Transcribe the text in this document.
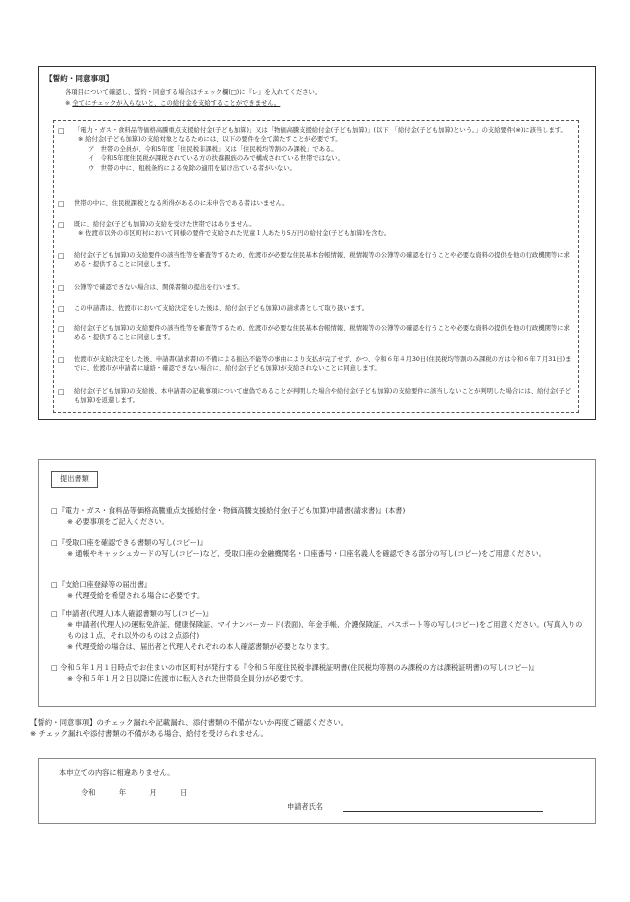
【誓約・同意事項】
各項目について確認し、誓約・同意する場合はチェック欄(□)に『レ』を入れてください。
※ 全てにチェックが入らないと、この給付金を支給することができません。
□	「電力・ガス・食料品等価格高騰重点支援給付金(子ども加算)」又は「物価高騰支援給付金(子ども加算)」(以下　「給付金(子ども加算)という。」の支給要件(※)に該当します。
※ 給付金(子ども加算)の支給対象となるためには、以下の要件を全て満たすことが必要です。
ア　世帯の全員が、令和5年度「住民税非課税」又は「住民税均等割のみ課税」である。
イ　令和5年度住民税が課税されている方の扶養親族のみで構成されている世帯ではない。
ウ　世帯の中に、租税条約による免除の適用を届け出ている者がいない。
□	世帯の中に、住民税課税となる所得があるのに未申告である者はいません。
□	既に、給付金(子ども加算)の支給を受けた世帯ではありません。
※ 佐渡市以外の市区町村において同様の要件で支給された児童１人あたり5万円の給付金(子ども加算)を含む。
□	給付金(子ども加算)の支給要件の該当性等を審査等するため、佐渡市が必要な住民基本台帳情報、税情報等の公簿等の確認を行うことや必要な資料の提供を他の行政機関等に求める・提供することに同意します。
□	公簿等で確認できない場合は、関係書類の提出を行います。
□	この申請書は、佐渡市において支給決定をした後は、給付金(子ども加算)の請求書として取り扱います。
□	給付金(子ども加算)の支給要件の該当性等を審査等するため、佐渡市が必要な住民基本台帳情報、税情報等の公簿等の確認を行うことや必要な資料の提供を他の行政機関等に求める・提供することに同意します。
□	佐渡市が支給決定をした後、申請書(請求書)の不備による振込不能等の事由により支払が完了せず、かつ、令和６年４月30日(住民税均等割のみ課税の方は令和６年７月31日)までに、佐渡市が申請者に連絡・確認できない場合に、給付金(子ども加算)が支給されないことに同意します。
□	給付金(子ども加算)の支給後、本申請書の記載事項について虚偽であることが判明した場合や給付金(子ども加算)の支給要件に該当しないことが判明した場合には、給付金(子ども加算)を返還します。
提出書類
□『電力・ガス・食料品等価格高騰重点支援給付金・物価高騰支援給付金(子ども加算)申請書(請求書)』(本書)
※ 必要事項をご記入ください。
□『受取口座を確認できる書類の写し(コピー)』
※ 通帳やキャッシュカードの写し(コピー)など、受取口座の金融機関名・口座番号・口座名義人を確認できる部分の写し(コピー)をご用意ください。
□『支給口座登録等の届出書』
※ 代理受給を希望される場合に必要です。
□『申請者(代理人)本人確認書類の写し(コピー)』
※ 申請者(代理人)の運転免許証、健康保険証、マイナンバーカード(表面)、年金手帳、介護保険証、パスポート等の写し(コピー)をご用意ください。(写真入りのものは１点、それ以外のものは２点添付)
※ 代理受給の場合は、届出者と代理人それぞれの本人確認書類が必要となります。
□ 令和５年１月１日時点でお住まいの市区町村が発行する『令和５年度住民税非課税証明書(住民税均等割のみ課税の方は課税証明書)の写し(コピー)』
※ 令和５年１月２日以降に佐渡市に転入された世帯員全員分)が必要です。
【誓約・同意事項】のチェック漏れや記載漏れ、添付書類の不備がないか再度ご確認ください。
※ チェック漏れや添付書類の不備がある場合、給付を受けられません。
本申立ての内容に相違ありません。
令和　 年　 月　 日
申請者氏名
